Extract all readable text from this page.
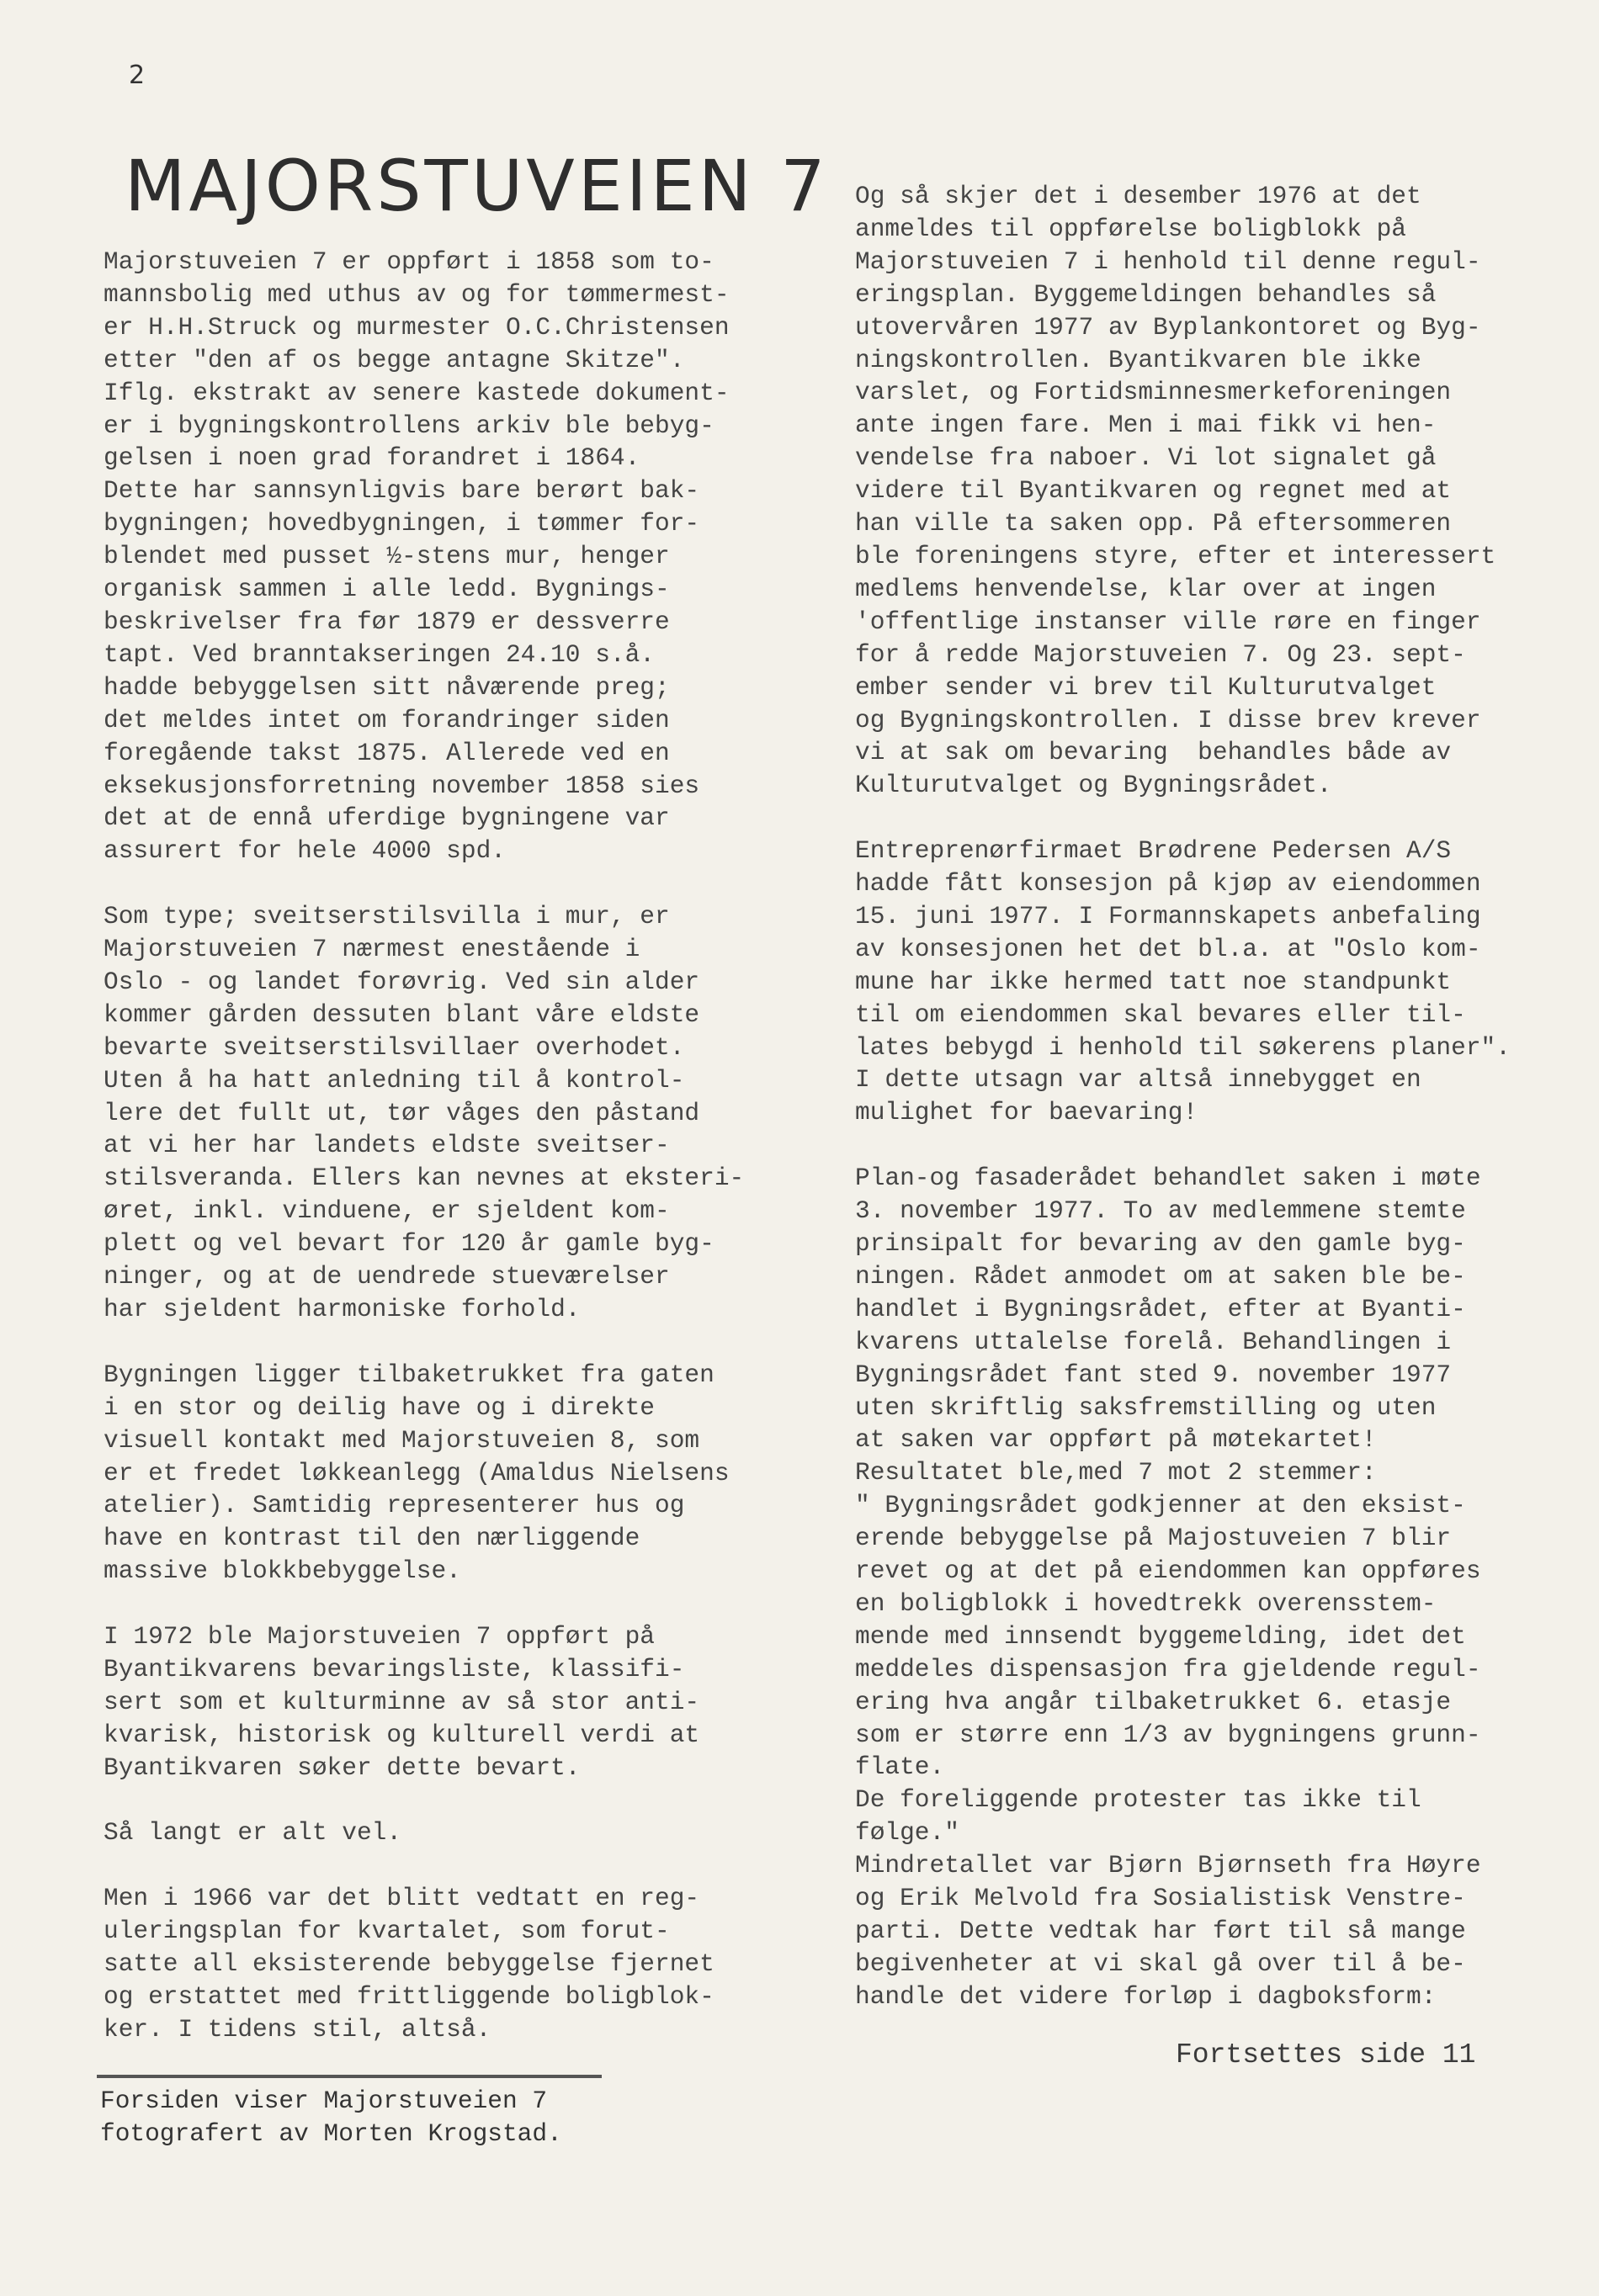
2
MAJORSTUVEIEN 7

Majorstuveien 7 er oppført i 1858 som to-
mannsbolig med uthus av og for tømmermest-
er H.H.Struck og murmester O.C.Christensen
etter "den af os begge antagne Skitze".
Iflg. ekstrakt av senere kastede dokument-
er i bygningskontrollens arkiv ble bebyg-
gelsen i noen grad forandret i 1864.
Dette har sannsynligvis bare berørt bak-
bygningen; hovedbygningen, i tømmer for-
blendet med pusset ½-stens mur, henger
organisk sammen i alle ledd. Bygnings-
beskrivelser fra før 1879 er dessverre
tapt. Ved branntakseringen 24.10 s.å.
hadde bebyggelsen sitt nåværende preg;
det meldes intet om forandringer siden
foregående takst 1875. Allerede ved en
eksekusjonsforretning november 1858 sies
det at de ennå uferdige bygningene var
assurert for hele 4000 spd.

Som type; sveitserstilsvilla i mur, er
Majorstuveien 7 nærmest enestående i
Oslo - og landet forøvrig. Ved sin alder
kommer gården dessuten blant våre eldste
bevarte sveitserstilsvillaer overhodet.
Uten å ha hatt anledning til å kontrol-
lere det fullt ut, tør våges den påstand
at vi her har landets eldste sveitser-
stilsveranda. Ellers kan nevnes at eksteri-
øret, inkl. vinduene, er sjeldent kom-
plett og vel bevart for 120 år gamle byg-
ninger, og at de uendrede stueværelser
har sjeldent harmoniske forhold.

Bygningen ligger tilbaketrukket fra gaten
i en stor og deilig have og i direkte
visuell kontakt med Majorstuveien 8, som
er et fredet løkkeanlegg (Amaldus Nielsens
atelier). Samtidig representerer hus og
have en kontrast til den nærliggende
massive blokkbebyggelse.

I 1972 ble Majorstuveien 7 oppført på
Byantikvarens bevaringsliste, klassifi-
sert som et kulturminne av så stor anti-
kvarisk, historisk og kulturell verdi at
Byantikvaren søker dette bevart.

Så langt er alt vel.

Men i 1966 var det blitt vedtatt en reg-
uleringsplan for kvartalet, som forut-
satte all eksisterende bebyggelse fjernet
og erstattet med frittliggende boligblok-
ker. I tidens stil, altså.

Og så skjer det i desember 1976 at det
anmeldes til oppførelse boligblokk på
Majorstuveien 7 i henhold til denne regul-
eringsplan. Byggemeldingen behandles så
utovervåren 1977 av Byplankontoret og Byg-
ningskontrollen. Byantikvaren ble ikke
varslet, og Fortidsminnesmerkeforeningen
ante ingen fare. Men i mai fikk vi hen-
vendelse fra naboer. Vi lot signalet gå
videre til Byantikvaren og regnet med at
han ville ta saken opp. På eftersommeren
ble foreningens styre, efter et interessert
medlems henvendelse, klar over at ingen
'offentlige instanser ville røre en finger
for å redde Majorstuveien 7. Og 23. sept-
ember sender vi brev til Kulturutvalget
og Bygningskontrollen. I disse brev krever
vi at sak om bevaring  behandles både av
Kulturutvalget og Bygningsrådet.

Entreprenørfirmaet Brødrene Pedersen A/S
hadde fått konsesjon på kjøp av eiendommen
15. juni 1977. I Formannskapets anbefaling
av konsesjonen het det bl.a. at "Oslo kom-
mune har ikke hermed tatt noe standpunkt
til om eiendommen skal bevares eller til-
lates bebygd i henhold til søkerens planer".
I dette utsagn var altså innebygget en
mulighet for baevaring!

Plan-og fasaderådet behandlet saken i møte
3. november 1977. To av medlemmene stemte
prinsipalt for bevaring av den gamle byg-
ningen. Rådet anmodet om at saken ble be-
handlet i Bygningsrådet, efter at Byanti-
kvarens uttalelse forelå. Behandlingen i
Bygningsrådet fant sted 9. november 1977
uten skriftlig saksfremstilling og uten
at saken var oppført på møtekartet!
Resultatet ble,med 7 mot 2 stemmer:
" Bygningsrådet godkjenner at den eksist-
erende bebyggelse på Majostuveien 7 blir
revet og at det på eiendommen kan oppføres
en boligblokk i hovedtrekk overensstem-
mende med innsendt byggemelding, idet det
meddeles dispensasjon fra gjeldende regul-
ering hva angår tilbaketrukket 6. etasje
som er større enn 1/3 av bygningens grunn-
flate.
De foreliggende protester tas ikke til
følge."
Mindretallet var Bjørn Bjørnseth fra Høyre
og Erik Melvold fra Sosialistisk Venstre-
parti. Dette vedtak har ført til så mange
begivenheter at vi skal gå over til å be-
handle det videre forløp i dagboksform:

Fortsettes side 11
Forsiden viser Majorstuveien 7
fotografert av Morten Krogstad.
